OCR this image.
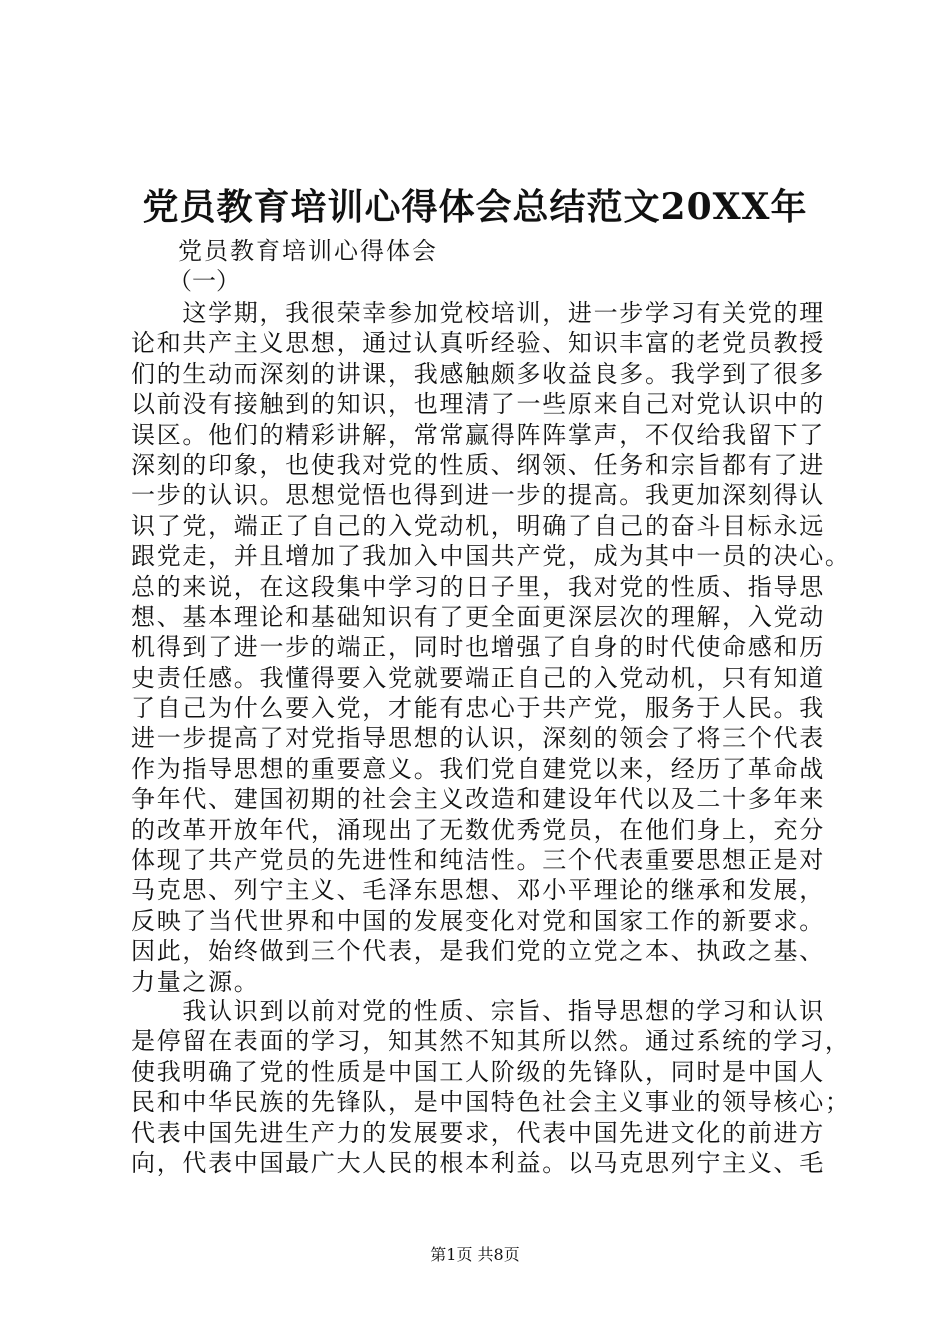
党员教育培训心得体会总结范文20XX年
党员教育培训心得体会
（一）
　　这学期，我很荣幸参加党校培训，进一步学习有关党的理
论和共产主义思想，通过认真听经验、知识丰富的老党员教授
们的生动而深刻的讲课，我感触颇多收益良多。我学到了很多
以前没有接触到的知识，也理清了一些原来自己对党认识中的
误区。他们的精彩讲解，常常赢得阵阵掌声，不仅给我留下了
深刻的印象，也使我对党的性质、纲领、任务和宗旨都有了进
一步的认识。思想觉悟也得到进一步的提高。我更加深刻得认
识了党，端正了自己的入党动机，明确了自己的奋斗目标永远
跟党走，并且增加了我加入中国共产党，成为其中一员的决心。
总的来说，在这段集中学习的日子里，我对党的性质、指导思
想、基本理论和基础知识有了更全面更深层次的理解，入党动
机得到了进一步的端正，同时也增强了自身的时代使命感和历
史责任感。我懂得要入党就要端正自己的入党动机，只有知道
了自己为什么要入党，才能有忠心于共产党，服务于人民。我
进一步提高了对党指导思想的认识，深刻的领会了将三个代表
作为指导思想的重要意义。我们党自建党以来，经历了革命战
争年代、建国初期的社会主义改造和建设年代以及二十多年来
的改革开放年代，涌现出了无数优秀党员，在他们身上，充分
体现了共产党员的先进性和纯洁性。三个代表重要思想正是对
马克思、列宁主义、毛泽东思想、邓小平理论的继承和发展，
反映了当代世界和中国的发展变化对党和国家工作的新要求。
因此，始终做到三个代表，是我们党的立党之本、执政之基、
力量之源。
　　我认识到以前对党的性质、宗旨、指导思想的学习和认识
是停留在表面的学习，知其然不知其所以然。通过系统的学习，
使我明确了党的性质是中国工人阶级的先锋队，同时是中国人
民和中华民族的先锋队，是中国特色社会主义事业的领导核心；
代表中国先进生产力的发展要求，代表中国先进文化的前进方
向，代表中国最广大人民的根本利益。以马克思列宁主义、毛
第1页 共8页
